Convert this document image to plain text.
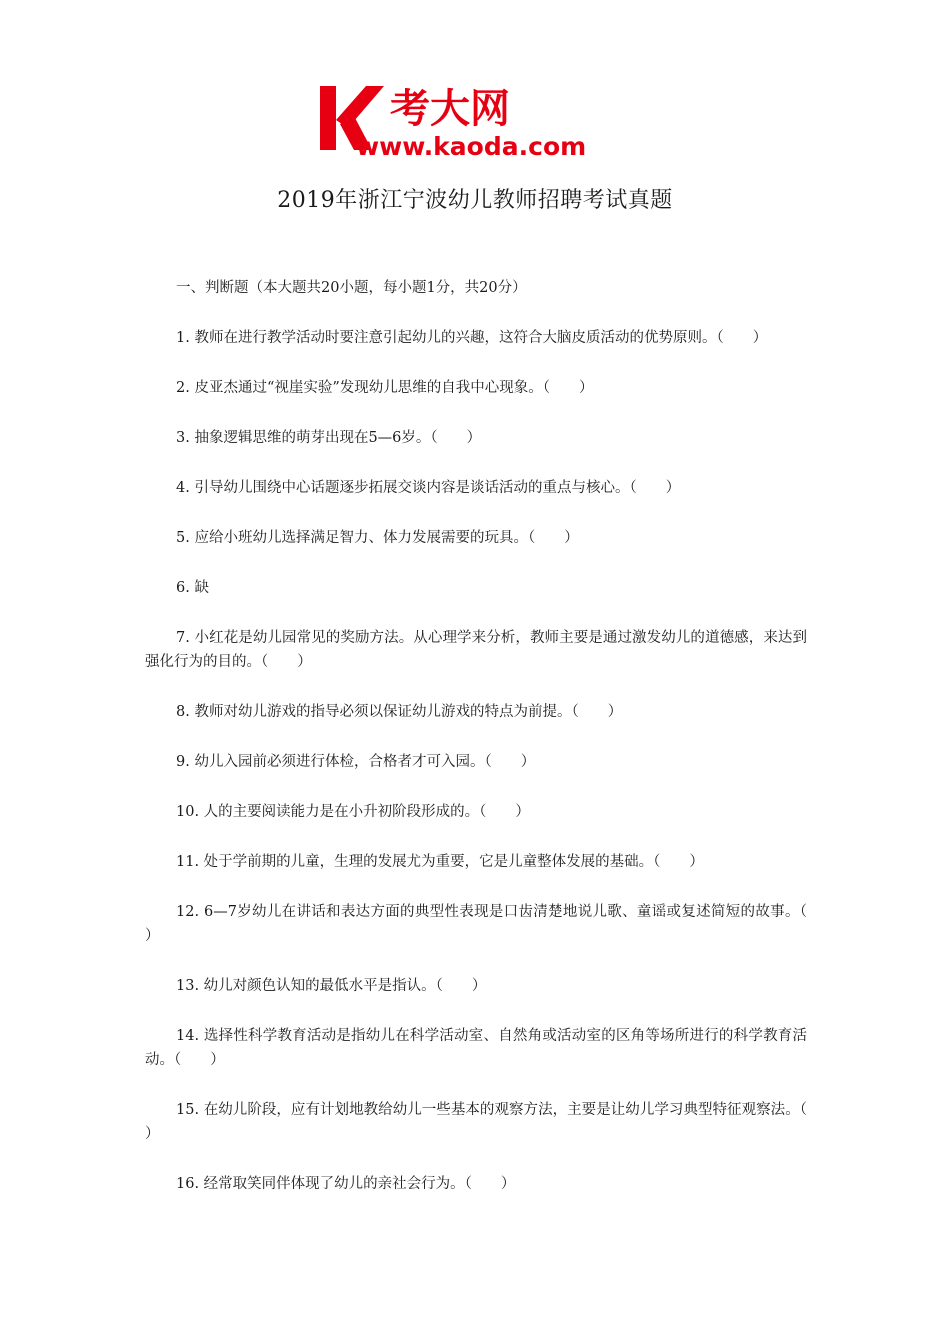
考大网
www.kaoda.com
2019年浙江宁波幼儿教师招聘考试真题

一、判断题（本大题共20小题，每小题1分，共20分）

1. 教师在进行教学活动时要注意引起幼儿的兴趣，这符合大脑皮质活动的优势原则。（　　）

2. 皮亚杰通过“视崖实验”发现幼儿思维的自我中心现象。（　　）

3. 抽象逻辑思维的萌芽出现在5—6岁。（　　）

4. 引导幼儿围绕中心话题逐步拓展交谈内容是谈话活动的重点与核心。（　　）

5. 应给小班幼儿选择满足智力、体力发展需要的玩具。（　　）

6. 缺

7. 小红花是幼儿园常见的奖励方法。从心理学来分析，教师主要是通过激发幼儿的道德感，来达到强化行为的目的。（　　）

8. 教师对幼儿游戏的指导必须以保证幼儿游戏的特点为前提。（　　）

9. 幼儿入园前必须进行体检，合格者才可入园。（　　）

10. 人的主要阅读能力是在小升初阶段形成的。（　　）

11. 处于学前期的儿童，生理的发展尤为重要，它是儿童整体发展的基础。（　　）

12. 6—7岁幼儿在讲话和表达方面的典型性表现是口齿清楚地说儿歌、童谣或复述简短的故事。（　　）

13. 幼儿对颜色认知的最低水平是指认。（　　）

14. 选择性科学教育活动是指幼儿在科学活动室、自然角或活动室的区角等场所进行的科学教育活动。（　　）

15. 在幼儿阶段，应有计划地教给幼儿一些基本的观察方法，主要是让幼儿学习典型特征观察法。（　　）

16. 经常取笑同伴体现了幼儿的亲社会行为。（　　）
